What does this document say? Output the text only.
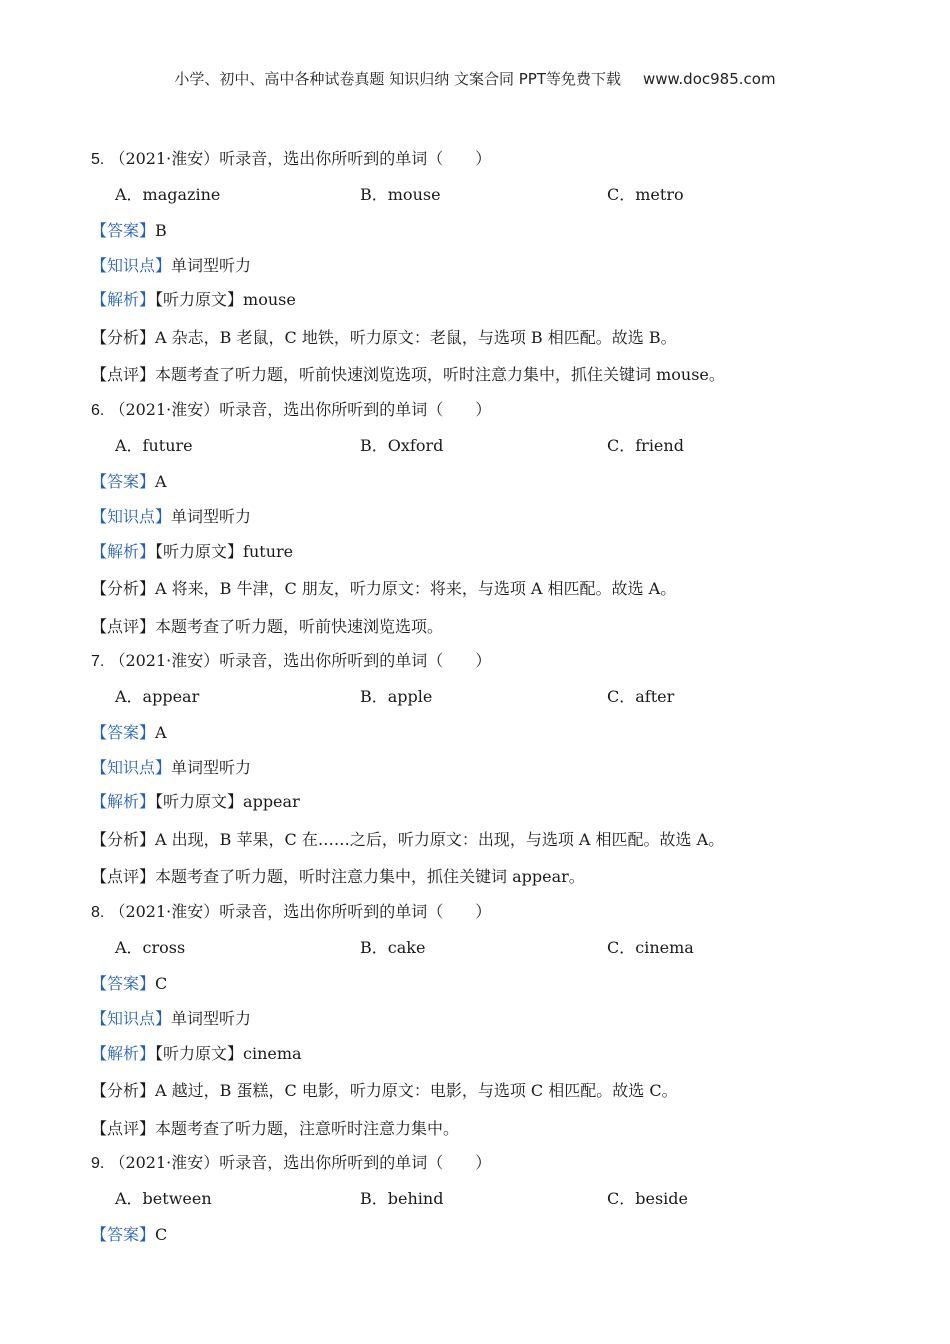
小学、初中、高中各种试卷真题 知识归纳 文案合同 PPT等免费下载 www.doc985.com
5. （2021·淮安）听录音，选出你所听到的单词（　　）
A．magazine	B．mouse	C．metro
【答案】B
【知识点】单词型听力
【解析】【听力原文】mouse
【分析】A 杂志，B 老鼠，C 地铁，听力原文：老鼠，与选项 B 相匹配。故选 B。
【点评】本题考查了听力题，听前快速浏览选项，听时注意力集中，抓住关键词 mouse。
6. （2021·淮安）听录音，选出你所听到的单词（　　）
A．future	B．Oxford	C．friend
【答案】A
【知识点】单词型听力
【解析】【听力原文】future
【分析】A 将来，B 牛津，C 朋友，听力原文：将来，与选项 A 相匹配。故选 A。
【点评】本题考查了听力题，听前快速浏览选项。
7. （2021·淮安）听录音，选出你所听到的单词（　　）
A．appear	B．apple	C．after
【答案】A
【知识点】单词型听力
【解析】【听力原文】appear
【分析】A 出现，B 苹果，C 在……之后，听力原文：出现，与选项 A 相匹配。故选 A。
【点评】本题考查了听力题，听时注意力集中，抓住关键词 appear。
8. （2021·淮安）听录音，选出你所听到的单词（　　）
A．cross	B．cake	C．cinema
【答案】C
【知识点】单词型听力
【解析】【听力原文】cinema
【分析】A 越过，B 蛋糕，C 电影，听力原文：电影，与选项 C 相匹配。故选 C。
【点评】本题考查了听力题，注意听时注意力集中。
9. （2021·淮安）听录音，选出你所听到的单词（　　）
A．between	B．behind	C．beside
【答案】C
